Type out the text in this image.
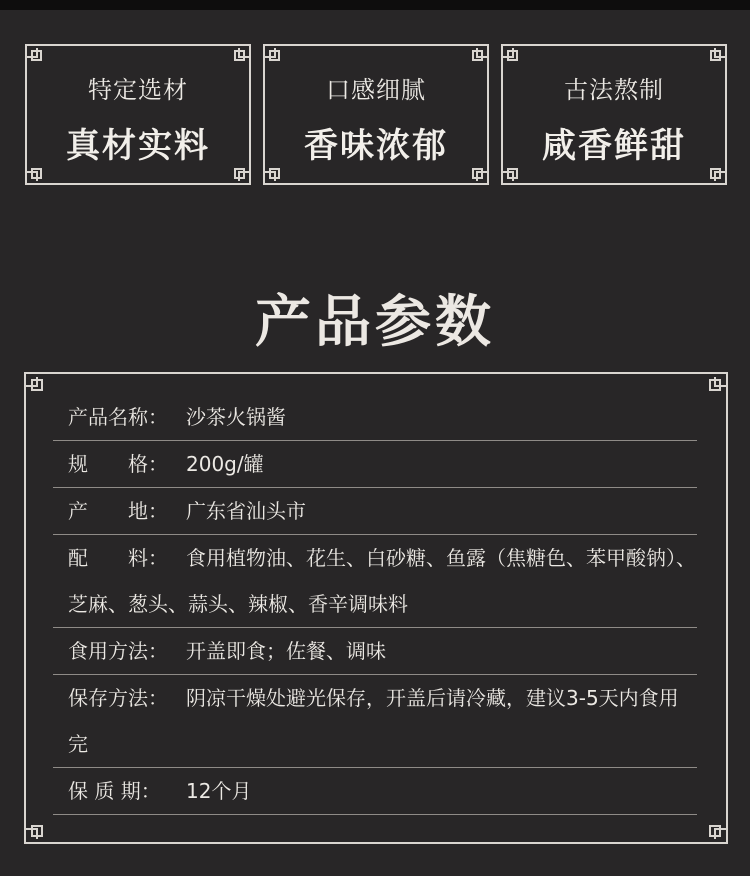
特定选材
真材实料
口感细腻
香味浓郁
古法熬制
咸香鲜甜
产品参数
产品名称： 沙茶火锅酱
规　　格： 200g/罐
产　　地： 广东省汕头市
配　　料： 食用植物油、花生、白砂糖、鱼露（焦糖色、苯甲酸钠）、芝麻、葱头、蒜头、辣椒、香辛调味料
食用方法： 开盖即食；佐餐、调味
保存方法： 阴凉干燥处避光保存，开盖后请冷藏，建议3-5天内食用完
保 质 期：	12个月
